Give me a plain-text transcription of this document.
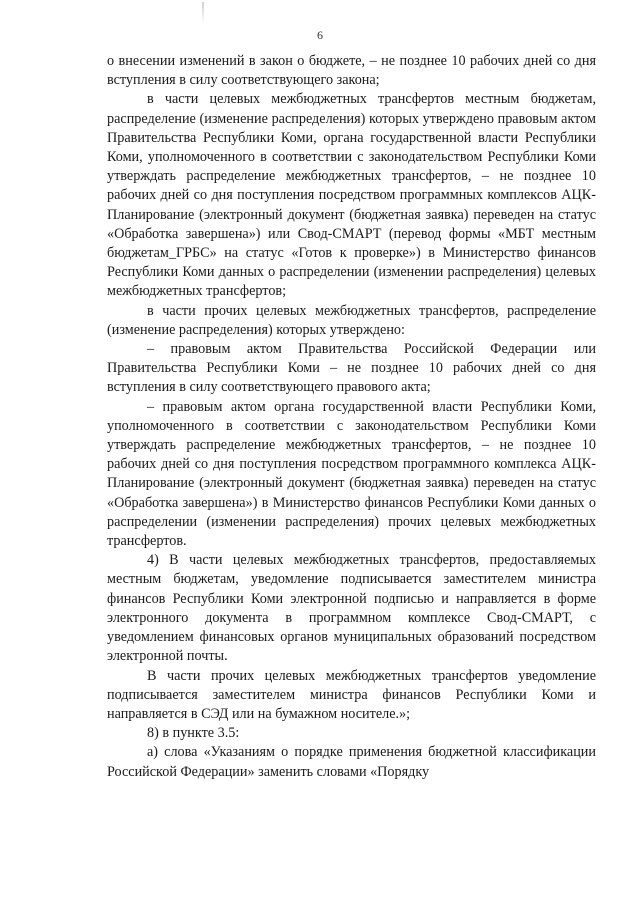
6

о внесении изменений в закон о бюджете, – не позднее 10 рабочих дней со дня вступления в силу соответствующего закона;

в части целевых межбюджетных трансфертов местным бюджетам, распределение (изменение распределения) которых утверждено правовым актом Правительства Республики Коми, органа государственной власти Республики Коми, уполномоченного в соответствии с законодательством Республики Коми утверждать распределение межбюджетных трансфертов, – не позднее 10 рабочих дней со дня поступления посредством программных комплексов АЦК-Планирование (электронный документ (бюджетная заявка) переведен на статус «Обработка завершена») или Свод-СМАРТ (перевод формы «МБТ местным бюджетам_ГРБС» на статус «Готов к проверке») в Министерство финансов Республики Коми данных о распределении (изменении распределения) целевых межбюджетных трансфертов;

в части прочих целевых межбюджетных трансфертов, распределение (изменение распределения) которых утверждено:

– правовым актом Правительства Российской Федерации или Правительства Республики Коми – не позднее 10 рабочих дней со дня вступления в силу соответствующего правового акта;

– правовым актом органа государственной власти Республики Коми, уполномоченного в соответствии с законодательством Республики Коми утверждать распределение межбюджетных трансфертов, – не позднее 10 рабочих дней со дня поступления посредством программного комплекса АЦК-Планирование (электронный документ (бюджетная заявка) переведен на статус «Обработка завершена») в Министерство финансов Республики Коми данных о распределении (изменении распределения) прочих целевых межбюджетных трансфертов.

4) В части целевых межбюджетных трансфертов, предоставляемых местным бюджетам, уведомление подписывается заместителем министра финансов Республики Коми электронной подписью и направляется в форме электронного документа в программном комплексе Свод-СМАРТ, с уведомлением финансовых органов муниципальных образований посредством электронной почты.

В части прочих целевых межбюджетных трансфертов уведомление подписывается заместителем министра финансов Республики Коми и направляется в СЭД или на бумажном носителе.»;

8) в пункте 3.5:

а) слова «Указаниям о порядке применения бюджетной классификации Российской Федерации» заменить словами «Порядку
